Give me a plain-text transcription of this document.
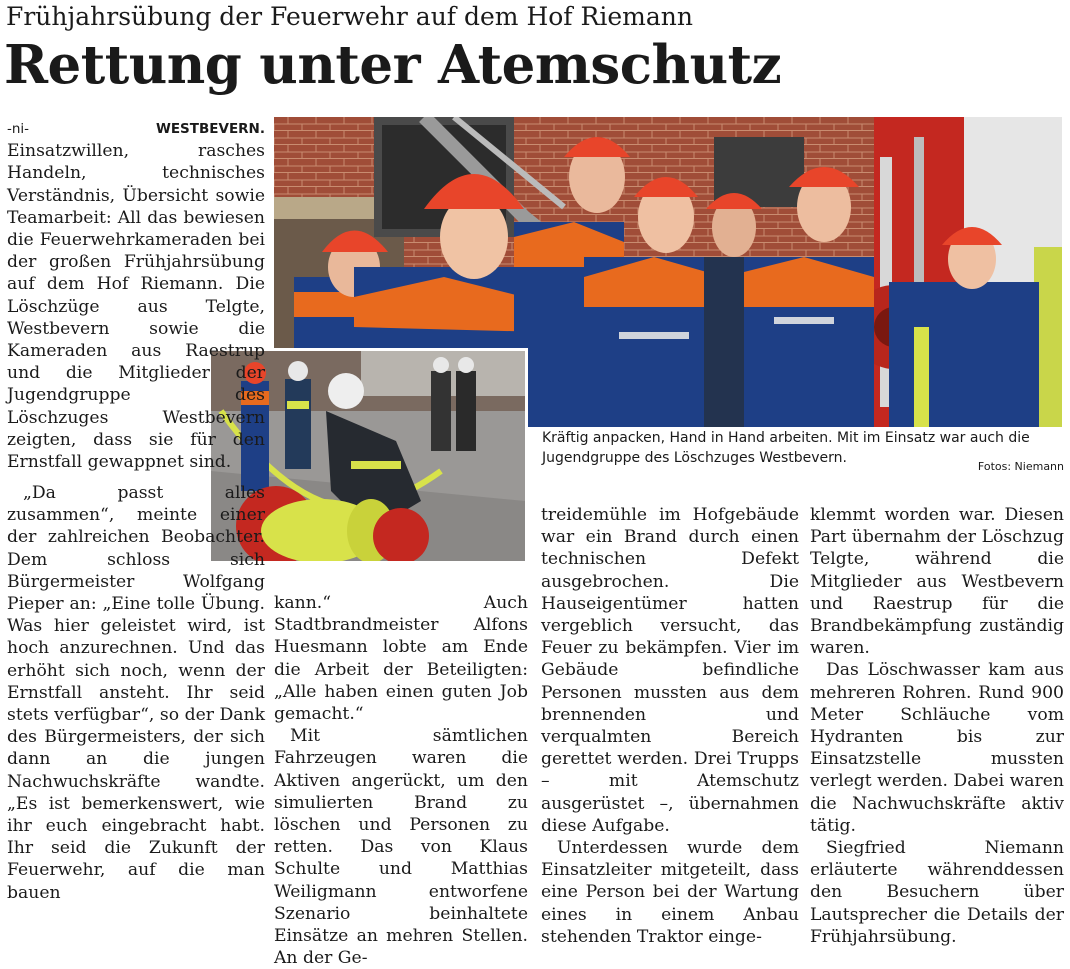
Frühjahrsübung der Feuerwehr auf dem Hof Riemann
Rettung unter Atemschutz
Kräftig anpacken, Hand in Hand arbeiten. Mit im Einsatz war auch die Jugendgruppe des Löschzuges Westbevern.
Fotos: Niemann

-ni-	WESTBEVERN. Einsatzwillen, rasches Handeln, technisches Verständnis, Übersicht sowie Teamarbeit: All das bewiesen die Feuerwehrkameraden bei der großen Frühjahrsübung auf dem Hof Riemann. Die Löschzüge aus Telgte, Westbevern sowie die Kameraden aus Raestrup und die Mitglieder der Jugendgruppe des Löschzuges Westbevern zeigten, dass sie für den Ernstfall gewappnet sind.

„Da passt alles zusammen“, meinte einer der zahlreichen Beobachter. Dem schloss sich Bürgermeister Wolfgang Pieper an: „Eine tolle Übung. Was hier geleistet wird, ist hoch anzurechnen. Und das erhöht sich noch, wenn der Ernstfall ansteht. Ihr seid stets verfügbar“, so der Dank des Bürgermeisters, der sich dann an die jungen Nachwuchskräfte wandte. „Es ist bemerkenswert, wie ihr euch eingebracht habt. Ihr seid die Zukunft der Feuerwehr, auf die man bauen

kann.“ Auch Stadtbrandmeister Alfons Huesmann lobte am Ende die Arbeit der Beteiligten: „Alle haben einen guten Job gemacht.“

Mit sämtlichen Fahrzeugen waren die Aktiven angerückt, um den simulierten Brand zu löschen und Personen zu retten. Das von Klaus Schulte und Matthias Weiligmann entworfene Szenario beinhaltete Einsätze an mehren Stellen. An der Ge-

treidemühle im Hofgebäude war ein Brand durch einen technischen Defekt ausgebrochen. Die Hauseigentümer hatten vergeblich versucht, das Feuer zu bekämpfen. Vier im Gebäude befindliche Personen mussten aus dem brennenden und verqualmten Bereich gerettet werden. Drei Trupps – mit Atemschutz ausgerüstet –, übernahmen diese Aufgabe.

Unterdessen wurde dem Einsatzleiter mitgeteilt, dass eine Person bei der Wartung eines in einem Anbau stehenden Traktor einge-

klemmt worden war. Diesen Part übernahm der Löschzug Telgte, während die Mitglieder aus Westbevern und Raestrup für die Brandbekämpfung zuständig waren.

Das Löschwasser kam aus mehreren Rohren. Rund 900 Meter Schläuche vom Hydranten bis zur Einsatzstelle mussten verlegt werden. Dabei waren die Nachwuchskräfte aktiv tätig.

Siegfried Niemann erläuterte währenddessen den Besuchern über Lautsprecher die Details der Frühjahrsübung.
